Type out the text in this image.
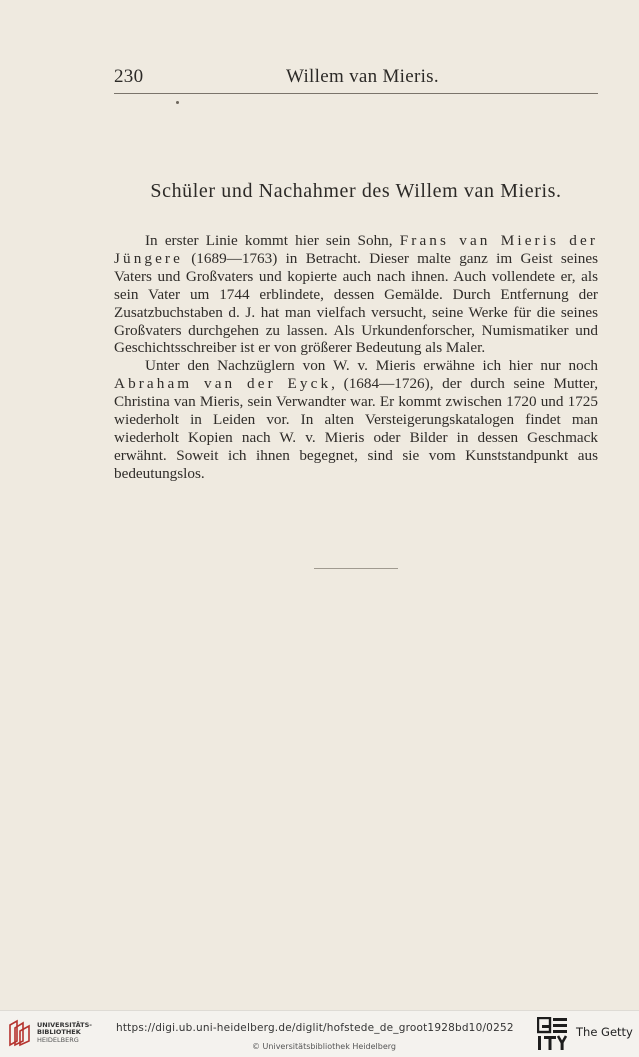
230	Willem van Mieris.
Schüler und Nachahmer des Willem van Mieris.

In erster Linie kommt hier sein Sohn, Frans van Mieris der Jüngere (1689—1763) in Betracht. Dieser malte ganz im Geist seines Vaters und Großvaters und kopierte auch nach ihnen. Auch vollendete er, als sein Vater um 1744 erblindete, dessen Gemälde. Durch Entfernung der Zusatzbuchstaben d. J. hat man vielfach versucht, seine Werke für die seines Großvaters durchgehen zu lassen. Als Urkundenforscher, Numismatiker und Geschichtsschreiber ist er von größerer Bedeutung als Maler.

Unter den Nachzüglern von W. v. Mieris erwähne ich hier nur noch Abraham van der Eyck, (1684—1726), der durch seine Mutter, Christina van Mieris, sein Verwandter war. Er kommt zwischen 1720 und 1725 wiederholt in Leiden vor. In alten Versteigerungskatalogen findet man wiederholt Kopien nach W. v. Mieris oder Bilder in dessen Geschmack erwähnt. Soweit ich ihnen begegnet, sind sie vom Kunststandpunkt aus bedeutungslos.

UNIVERSITÄTS-
BIBLIOTHEK
HEIDELBERG
https://digi.ub.uni-heidelberg.de/diglit/hofstede_de_groot1928bd10/0252
© Universitätsbibliothek Heidelberg
The Getty
